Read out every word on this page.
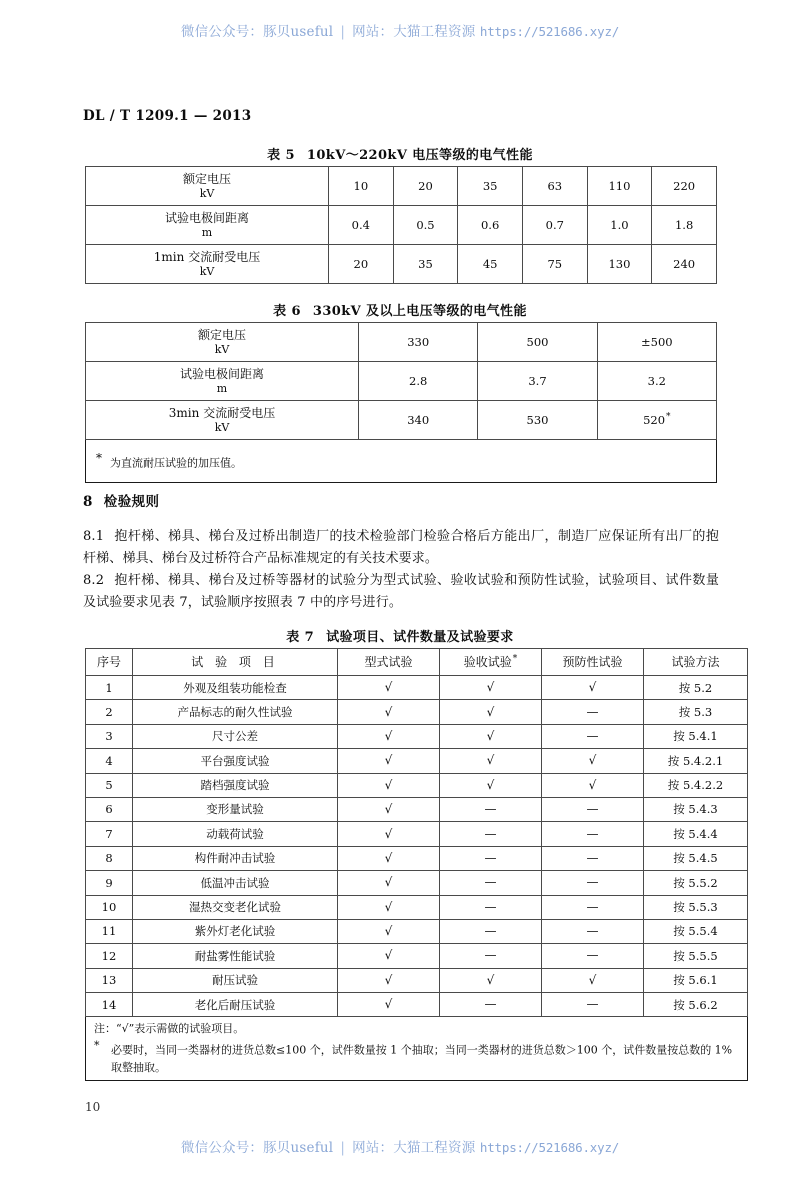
微信公众号：豚贝useful | 网站：大猫工程资源 https://521686.xyz/
DL / T 1209.1 — 2013
表 5 10kV～220kV 电压等级的电气性能
额定电压
kV	10	20	35	63	110	220
试验电极间距离
m	0.4	0.5	0.6	0.7	1.0	1.8
1min 交流耐受电压
kV	20	35	45	75	130	240
表 6 330kV 及以上电压等级的电气性能
额定电压
kV	330	500	±500
试验电极间距离
m	2.8	3.7	3.2
3min 交流耐受电压
kV	340	530	520*
* 为直流耐压试验的加压值。			
8 检验规则
8.1 抱杆梯、梯具、梯台及过桥出制造厂的技术检验部门检验合格后方能出厂，制造厂应保证所有出厂的抱杆梯、梯具、梯台及过桥符合产品标准规定的有关技术要求。
8.2 抱杆梯、梯具、梯台及过桥等器材的试验分为型式试验、验收试验和预防性试验，试验项目、试件数量及试验要求见表 7，试验顺序按照表 7 中的序号进行。
表 7 试验项目、试件数量及试验要求
序号	试 验 项 目	型式试验	验收试验*	预防性试验	试验方法
1	外观及组装功能检查	√	√	√	按 5.2
2	产品标志的耐久性试验	√	√	—	按 5.3
3	尺寸公差	√	√	—	按 5.4.1
4	平台强度试验	√	√	√	按 5.4.2.1
5	踏档强度试验	√	√	√	按 5.4.2.2
6	变形量试验	√	—	—	按 5.4.3
7	动载荷试验	√	—	—	按 5.4.4
8	构件耐冲击试验	√	—	—	按 5.4.5
9	低温冲击试验	√	—	—	按 5.5.2
10	湿热交变老化试验	√	—	—	按 5.5.3
11	紫外灯老化试验	√	—	—	按 5.5.4
12	耐盐雾性能试验	√	—	—	按 5.5.5
13	耐压试验	√	√	√	按 5.6.1
14	老化后耐压试验	√	—	—	按 5.6.2

注：“√”表示需做的试验项目。
* 必要时，当同一类器材的进货总数≤100 个，试件数量按 1 个抽取；当同一类器材的进货总数＞100 个，试件数量按总数的 1%取整抽取。					
10
微信公众号：豚贝useful | 网站：大猫工程资源 https://521686.xyz/
